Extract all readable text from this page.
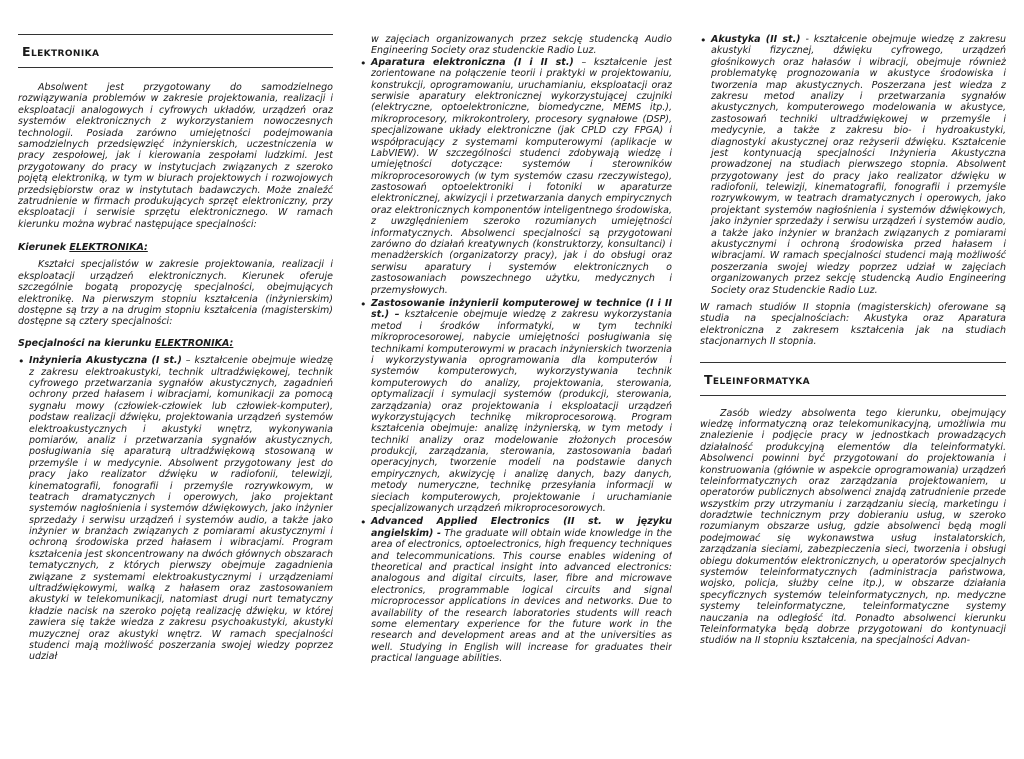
Elektronika

Absolwent jest przygotowany do samodzielnego rozwiązywania problemów w zakresie projektowania, realizacji i eksploatacji analogowych i cyfrowych układów, urządzeń oraz systemów elektronicznych z wykorzystaniem nowoczesnych technologii. Posiada zarówno umiejętności podejmowania samodzielnych przedsięwzięć inżynierskich, uczestniczenia w pracy zespołowej, jak i kierowania zespołami ludzkimi. Jest przygotowany do pracy w instytucjach związanych z szeroko pojętą elektroniką, w tym w biurach projektowych i rozwojowych przedsiębiorstw oraz w instytutach badawczych. Może znaleźć zatrudnienie w firmach produkujących sprzęt elektroniczny, przy eksploatacji i serwisie sprzętu elektronicznego. W ramach kierunku można wybrać następujące specjalności:

Kierunek ELEKTRONIKA:

Kształci specjalistów w zakresie projektowania, realizacji i eksploatacji urządzeń elektronicznych. Kierunek oferuje szczególnie bogatą propozycję specjalności, obejmujących elektronikę. Na pierwszym stopniu kształcenia (inżynierskim) dostępne są trzy a na drugim stopniu kształcenia (magisterskim) dostępne są cztery specjalności:

Specjalności na kierunku ELEKTRONIKA:
• Inżynieria Akustyczna (I st.) – kształcenie obejmuje wiedzę z zakresu elektroakustyki, technik ultradźwiękowej, technik cyfrowego przetwarzania sygnałów akustycznych, zagadnień ochrony przed hałasem i wibracjami, komunikacji za pomocą sygnału mowy (człowiek-człowiek lub człowiek-komputer), podstaw realizacji dźwięku, projektowania urządzeń systemów elektroakustycznych i akustyki wnętrz, wykonywania pomiarów, analiz i przetwarzania sygnałów akustycznych, posługiwania się aparaturą ultradźwiękową stosowaną w przemyśle i w medycynie. Absolwent przygotowany jest do pracy jako realizator dźwięku w radiofonii, telewizji, kinematografii, fonografii i przemyśle rozrywkowym, w teatrach dramatycznych i operowych, jako projektant systemów nagłośnienia i systemów dźwiękowych, jako inżynier sprzedaży i serwisu urządzeń i systemów audio, a także jako inżynier w branżach związanych z pomiarami akustycznymi i ochroną środowiska przed hałasem i wibracjami. Program kształcenia jest skoncentrowany na dwóch głównych obszarach tematycznych, z których pierwszy obejmuje zagadnienia związane z systemami elektroakustycznymi i urządzeniami ultradźwiękowymi, walką z hałasem oraz zastosowaniem akustyki w telekomunikacji, natomiast drugi nurt tematyczny kładzie nacisk na szeroko pojętą realizację dźwięku, w której zawiera się także wiedza z zakresu psychoakustyki, akustyki muzycznej oraz akustyki wnętrz. W ramach specjalności studenci mają możliwość poszerzania swojej wiedzy poprzez udział

w zajęciach organizowanych przez sekcję studencką Audio Engineering Society oraz studenckie Radio Luz.

• Aparatura elektroniczna (I i II st.) – kształcenie jest zorientowane na połączenie teorii i praktyki w projektowaniu, konstrukcji, oprogramowaniu, uruchamianiu, eksploatacji oraz serwisie aparatury elektronicznej wykorzystującej czujniki (elektryczne, optoelektroniczne, biomedyczne, MEMS itp.), mikroprocesory, mikrokontrolery, procesory sygnałowe (DSP), specjalizowane układy elektroniczne (jak CPLD czy FPGA) i współpracujący z systemami komputerowymi (aplikacje w LabVIEW). W szczególności studenci zdobywają wiedzę i umiejętności dotyczące: systemów i sterowników mikroprocesorowych (w tym systemów czasu rzeczywistego), zastosowań optoelektroniki i fotoniki w aparaturze elektronicznej, akwizycji i przetwarzania danych empirycznych oraz elektronicznych komponentów inteligentnego środowiska, z uwzględnieniem szeroko rozumianych umiejętności informatycznych. Absolwenci specjalności są przygotowani zarówno do działań kreatywnych (konstruktorzy, konsultanci) i menadżerskich (organizatorzy pracy), jak i do obsługi oraz serwisu aparatury i systemów elektronicznych o zastosowaniach powszechnego użytku, medycznych i przemysłowych.
• Zastosowanie inżynierii komputerowej w technice (I i II st.) – kształcenie obejmuje wiedzę z zakresu wykorzystania metod i środków informatyki, w tym techniki mikroprocesorowej, nabycie umiejętności posługiwania się technikami komputerowymi w pracach inżynierskich tworzenia i wykorzystywania oprogramowania dla komputerów i systemów komputerowych, wykorzystywania technik komputerowych do analizy, projektowania, sterowania, optymalizacji i symulacji systemów (produkcji, sterowania, zarządzania) oraz projektowania i eksploatacji urządzeń wykorzystujących technikę mikroprocesorową. Program kształcenia obejmuje: analizę inżynierską, w tym metody i techniki analizy oraz modelowanie złożonych procesów produkcji, zarządzania, sterowania, zastosowania badań operacyjnych, tworzenie modeli na podstawie danych empirycznych, akwizycję i analizę danych, bazy danych, metody numeryczne, technikę przesyłania informacji w sieciach komputerowych, projektowanie i uruchamianie specjalizowanych urządzeń mikroprocesorowych.
• Advanced Applied Electronics (II st. w języku angielskim) - The graduate will obtain wide knowledge in the area of electronics, optoelectronics, high frequency techniques and telecommunications. This course enables widening of theoretical and practical insight into advanced electronics: analogous and digital circuits, laser, fibre and microwave electronics, programmable logical circuits and signal microprocessor applications in devices and networks. Due to availability of the research laboratories students will reach some elementary experience for the future work in the research and development areas and at the universities as well. Studying in English will increase for graduates their practical language abilities.
• Akustyka (II st.) - kształcenie obejmuje wiedzę z zakresu akustyki fizycznej, dźwięku cyfrowego, urządzeń głośnikowych oraz hałasów i wibracji, obejmuje również problematykę prognozowania w akustyce środowiska i tworzenia map akustycznych. Poszerzana jest wiedza z zakresu metod analizy i przetwarzania sygnałów akustycznych, komputerowego modelowania w akustyce, zastosowań techniki ultradźwiękowej w przemyśle i medycynie, a także z zakresu bio- i hydroakustyki, diagnostyki akustycznej oraz reżyserii dźwięku. Kształcenie jest kontynuacją specjalności Inżynieria Akustyczna prowadzonej na studiach pierwszego stopnia. Absolwent przygotowany jest do pracy jako realizator dźwięku w radiofonii, telewizji, kinematografii, fonografii i przemyśle rozrywkowym, w teatrach dramatycznych i operowych, jako projektant systemów nagłośnienia i systemów dźwiękowych, jako inżynier sprzedaży i serwisu urządzeń i systemów audio, a także jako inżynier w branżach związanych z pomiarami akustycznymi i ochroną środowiska przed hałasem i wibracjami. W ramach specjalności studenci mają możliwość poszerzania swojej wiedzy poprzez udział w zajęciach organizowanych przez sekcję studencką Audio Engineering Society oraz Studenckie Radio Luz.

W ramach studiów II stopnia (magisterskich) oferowane są studia na specjalnościach: Akustyka oraz Aparatura elektroniczna z zakresem kształcenia jak na studiach stacjonarnych II stopnia.

Teleinformatyka

Zasób wiedzy absolwenta tego kierunku, obejmujący wiedzę informatyczną oraz telekomunikacyjną, umożliwia mu znalezienie i podjęcie pracy w jednostkach prowadzących działalność produkcyjną elementów dla teleinformatyki. Absolwenci powinni być przygotowani do projektowania i konstruowania (głównie w aspekcie oprogramowania) urządzeń teleinformatycznych oraz zarządzania projektowaniem, u operatorów publicznych absolwenci znajdą zatrudnienie przede wszystkim przy utrzymaniu i zarządzaniu siecią, marketingu i doradztwie technicznym przy dobieraniu usług, w szeroko rozumianym obszarze usług, gdzie absolwenci będą mogli podejmować się wykonawstwa usług instalatorskich, zarządzania sieciami, zabezpieczenia sieci, tworzenia i obsługi obiegu dokumentów elektronicznych, u operatorów specjalnych systemów teleinformatycznych (administracja państwowa, wojsko, policja, służby celne itp.), w obszarze działania specyficznych systemów teleinformatycznych, np. medyczne systemy teleinformatyczne, teleinformatyczne systemy nauczania na odległość itd. Ponadto absolwenci kierunku Teleinformatyka będą dobrze przygotowani do kontynuacji studiów na II stopniu kształcenia, na specjalności Advan-
